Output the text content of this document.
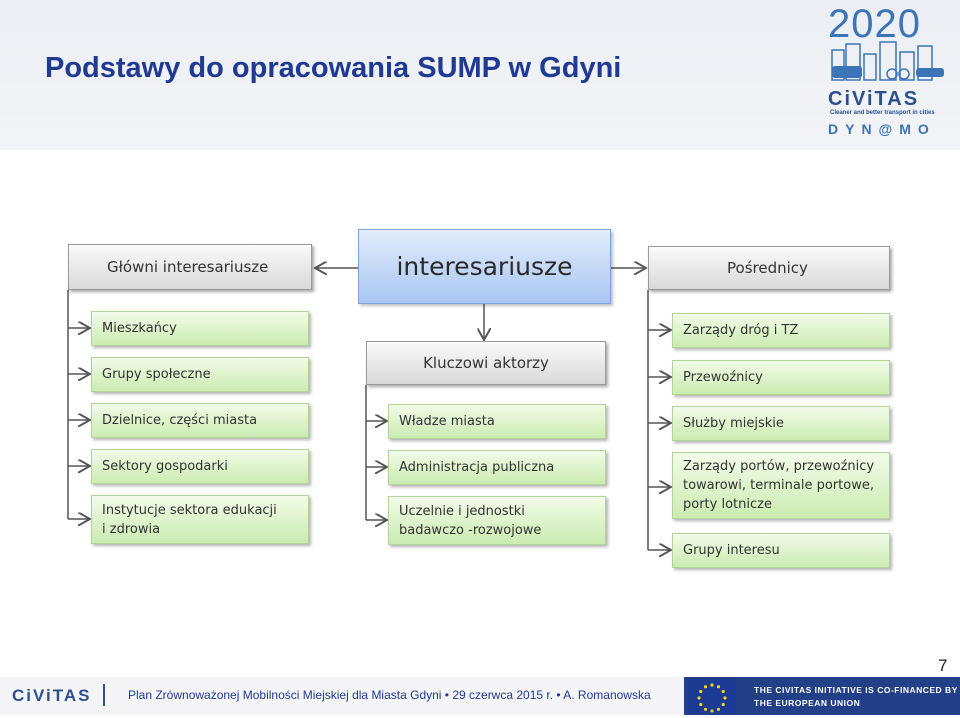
Podstawy do opracowania SUMP w Gdyni
2020
CiViTAS
Cleaner and better transport in cities
DYN@MO
interesariusze
Główni interesariusze	Pośrednicy
Kluczowi aktorzy
Mieszkańcy
Grupy społeczne
Dzielnice, części miasta
Sektory gospodarki
Instytucje sektora edukacji
i zdrowia
Władze miasta
Administracja publiczna
Uczelnie i jednostki
badawczo -rozwojowe
Zarządy dróg i TZ
Przewoźnicy
Służby miejskie
Zarządy portów, przewoźnicy
towarowi, terminale portowe,
porty lotnicze
Grupy interesu
7
CiViTAS	Plan Zrównoważonej Mobilności Miejskiej dla Miasta Gdyni • 29 czerwca 2015 r. • A. Romanowska	THE CIVITAS INITIATIVE IS CO-FINANCED BY
THE EUROPEAN UNION
